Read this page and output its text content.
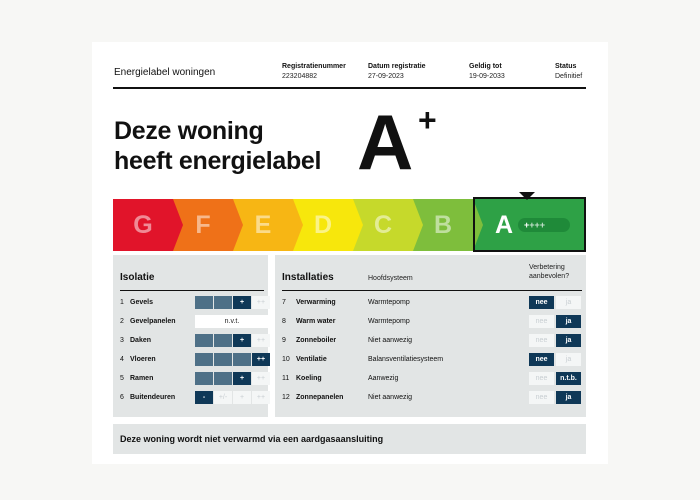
Energielabel woningen
Registratienummer
223204882
Datum registratie
27-09-2023
Geldig tot
19-09-2033
Status
Definitief
Deze woning
heeft energielabel A +
G	F	E	D	C	B	A	++++
Isolatie
1 Gevels	+	++
2 Gevelpanelen	n.v.t.
3 Daken	+	++
4 Vloeren	++
5 Ramen	+	++
6 Buitendeuren	-	+/-	+	++
Installaties	Hoofdsysteem
Verbetering
aanbevolen?
7 Verwarming	Warmtepomp	nee	ja
8 Warm water	Warmtepomp	nee	ja
9 Zonneboiler	Niet aanwezig	nee	ja
10 Ventilatie	Balansventilatiesysteem	nee	ja
11 Koeling	Aanwezig	nee	n.t.b.
12 Zonnepanelen	Niet aanwezig	nee	ja
Deze woning wordt niet verwarmd via een aardgasaansluiting
